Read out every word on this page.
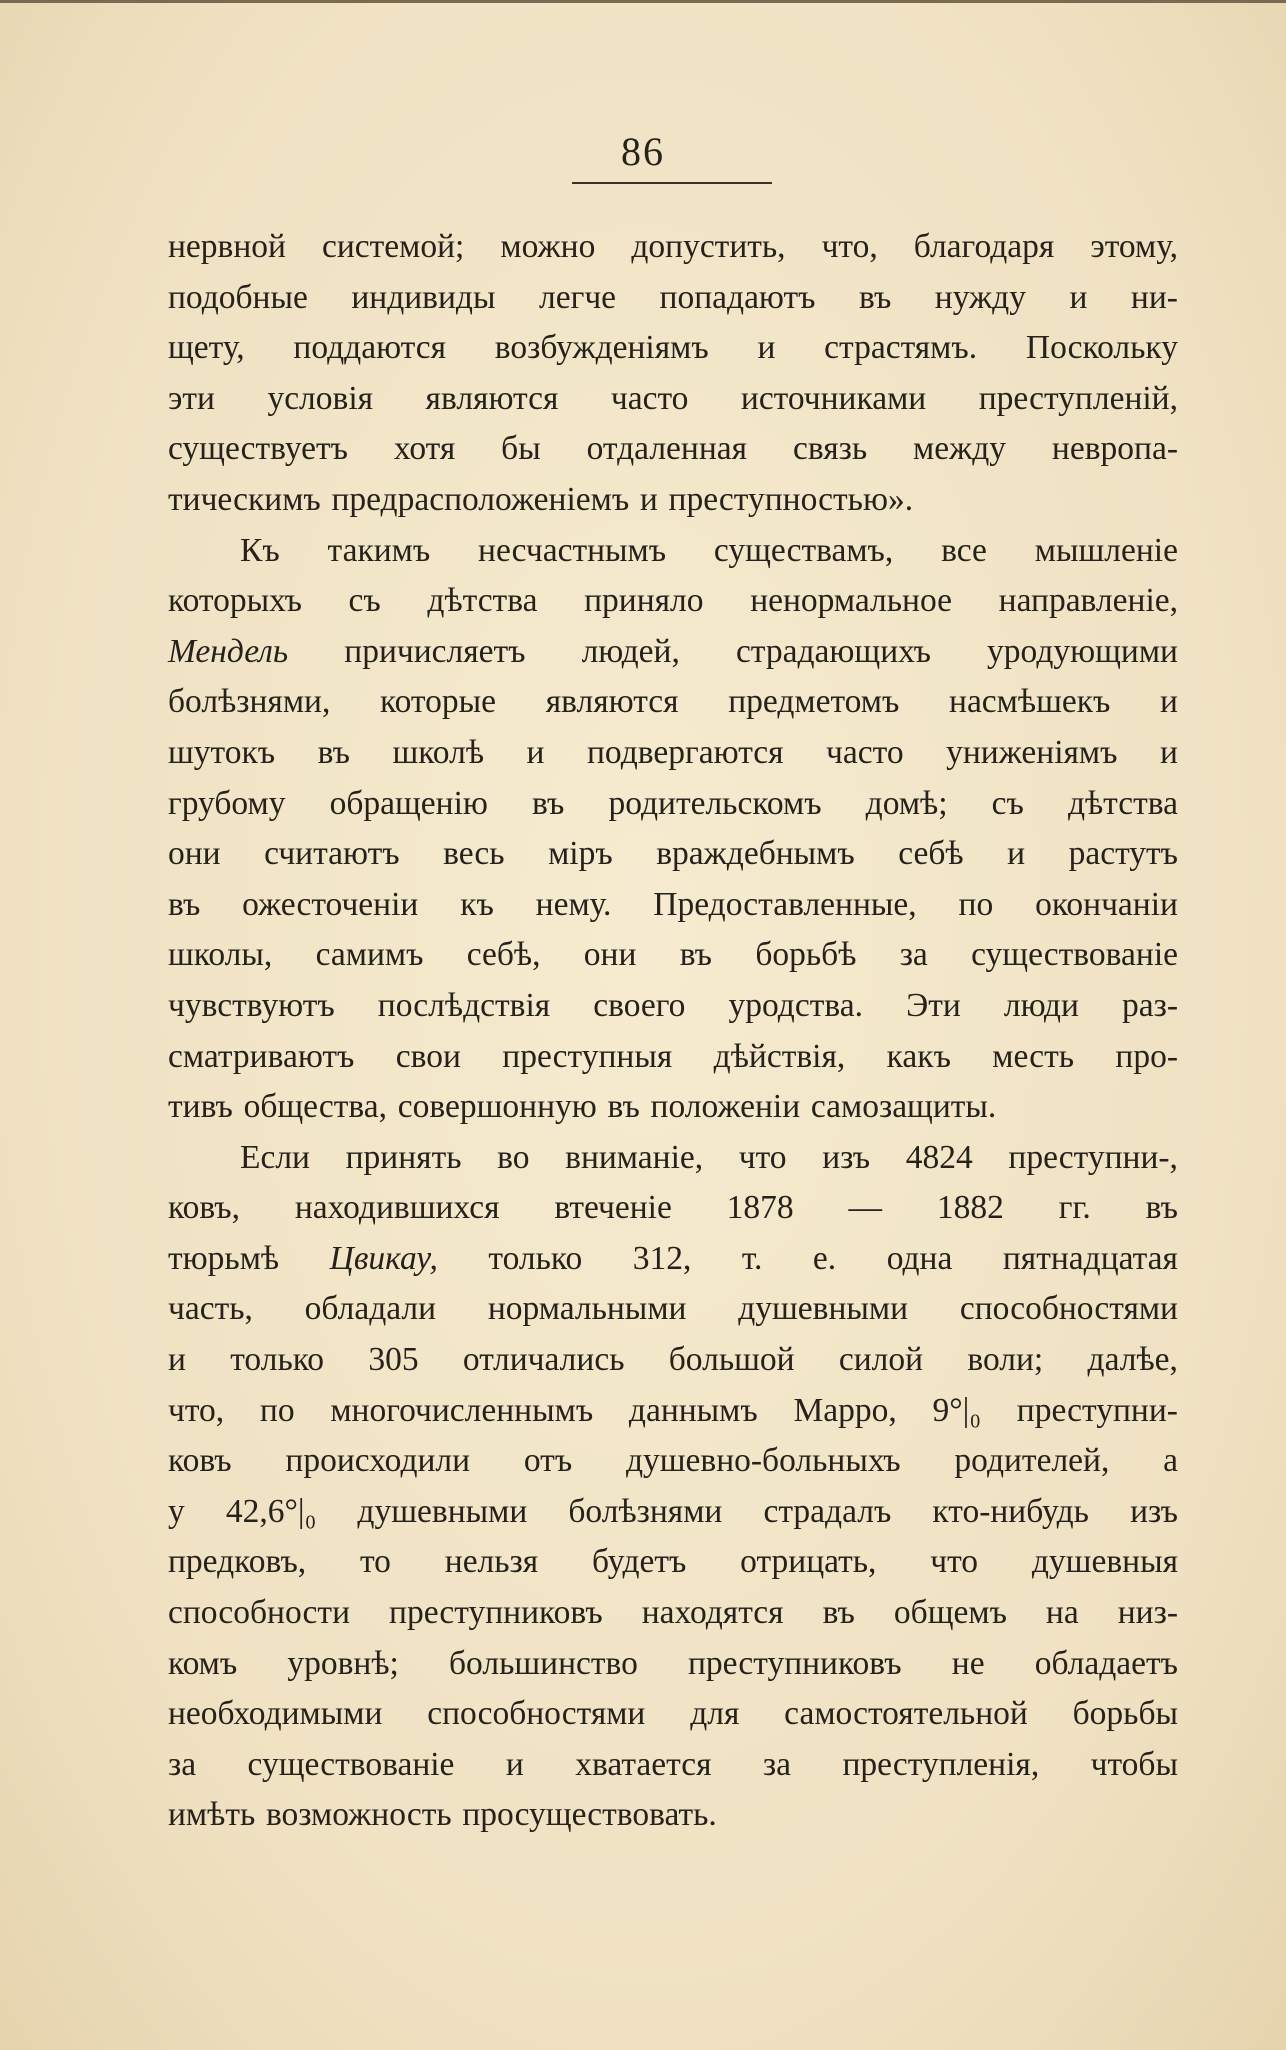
86
нервной системой; можно допустить, что, благодаря этому,
подобные индивиды легче попадаютъ въ нужду и ни-
щету, поддаются возбужденіямъ и страстямъ. Поскольку
эти условія являются часто источниками преступленій,
существуетъ хотя бы отдаленная связь между невропа-
тическимъ предрасположеніемъ и преступностью».
Къ такимъ несчастнымъ существамъ, все мышленіе
которыхъ съ дѣтства приняло ненормальное направленіе,
Мендель причисляетъ людей, страдающихъ уродующими
болѣзнями, которые являются предметомъ насмѣшекъ и
шутокъ въ школѣ и подвергаются часто униженіямъ и
грубому обращенію въ родительскомъ домѣ; съ дѣтства
они считаютъ весь міръ враждебнымъ себѣ и растутъ
въ ожесточеніи къ нему. Предоставленные, по окончаніи
школы, самимъ себѣ, они въ борьбѣ за существованіе
чувствуютъ послѣдствія своего уродства. Эти люди раз-
сматриваютъ свои преступныя дѣйствія, какъ месть про-
тивъ общества, совершонную въ положеніи самозащиты.
Если принять во вниманіе, что изъ 4824 преступни-,
ковъ, находившихся втеченіе 1878 — 1882 гг. въ
тюрьмѣ Цвикау, только 312, т. е. одна пятнадцатая
часть, обладали нормальными душевными способностями
и только 305 отличались большой силой воли; далѣе,
что, по многочисленнымъ даннымъ Марро, 9°|₀ преступни-
ковъ происходили отъ душевно-больныхъ родителей, а
у 42,6°|₀ душевными болѣзнями страдалъ кто-нибудь изъ
предковъ, то нельзя будетъ отрицать, что душевныя
способности преступниковъ находятся въ общемъ на низ-
комъ уровнѣ; большинство преступниковъ не обладаетъ
необходимыми способностями для самостоятельной борьбы
за существованіе и хватается за преступленія, чтобы
имѣть возможность просуществовать.
